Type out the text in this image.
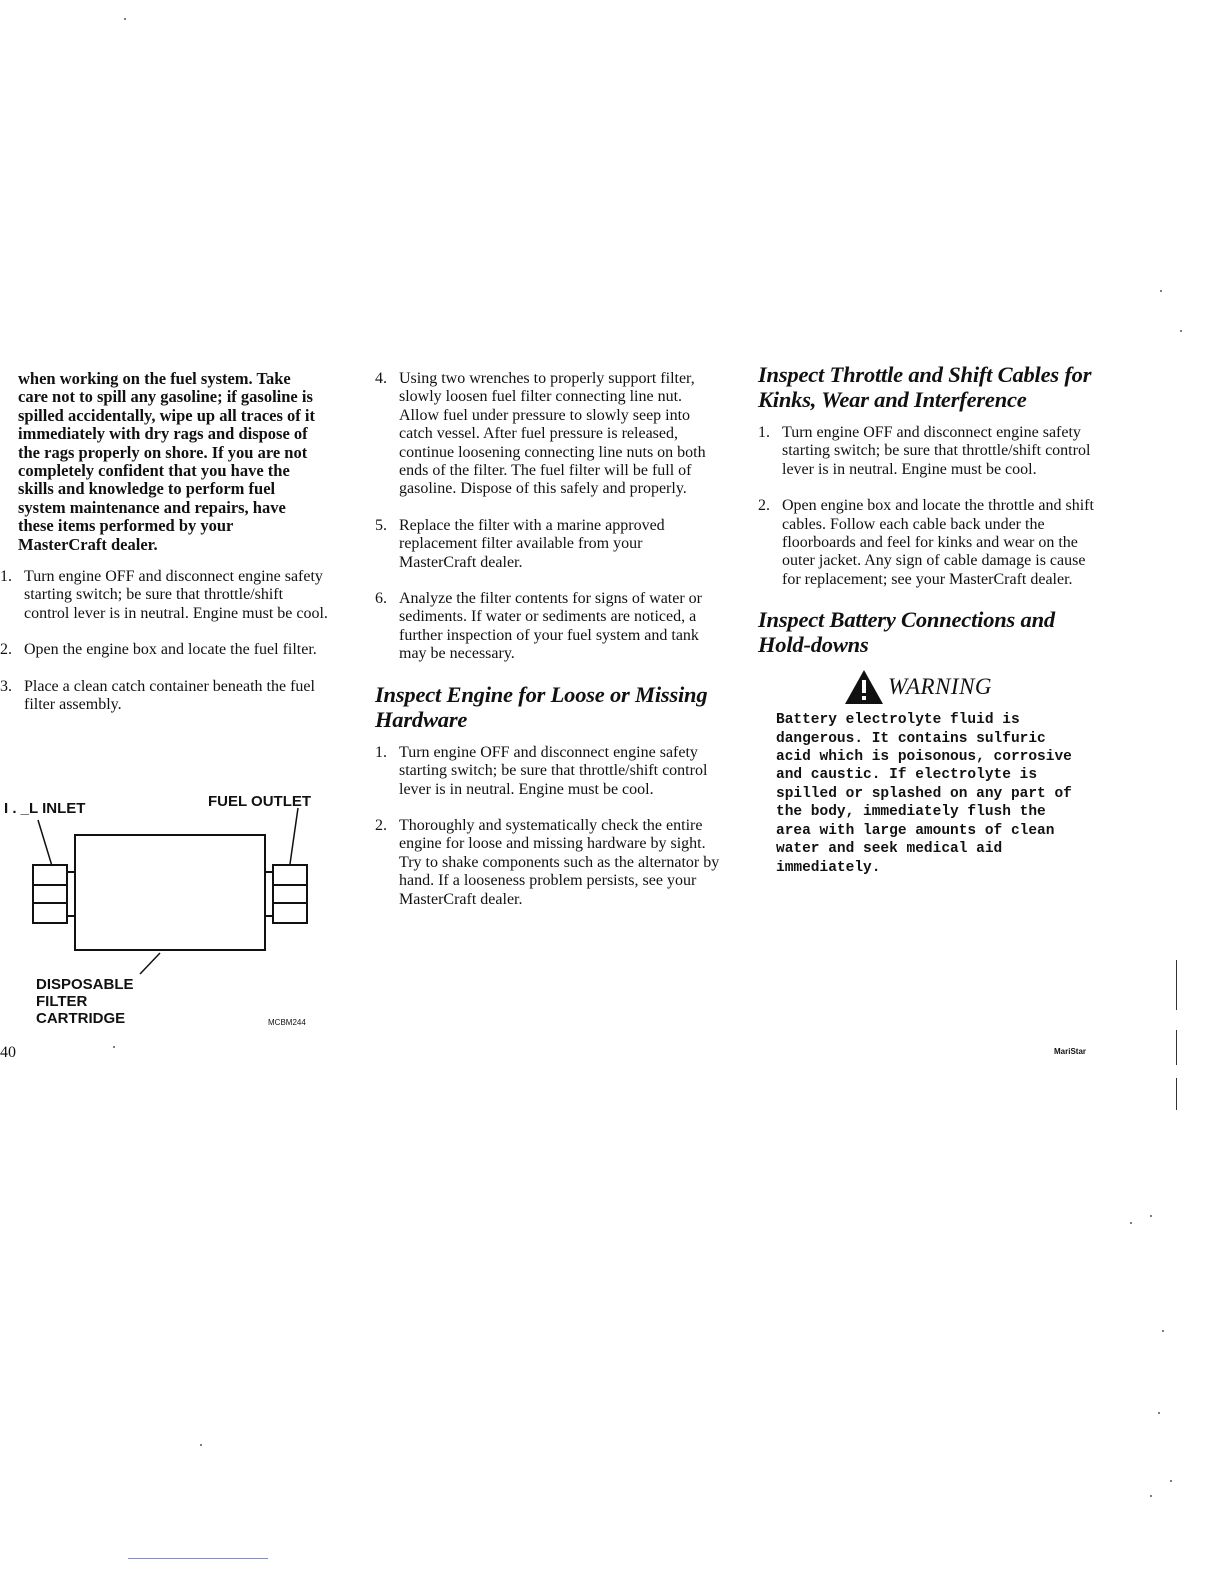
when working on the fuel system. Take care not to spill any gasoline; if gasoline is spilled accidentally, wipe up all traces of it immediately with dry rags and dispose of the rags properly on shore. If you are not completely confident that you have the skills and knowledge to perform fuel system maintenance and repairs, have these items performed by your MasterCraft dealer.

1. Turn engine OFF and disconnect engine safety starting switch; be sure that throttle/shift control lever is in neutral. Engine must be cool.
2. Open the engine box and locate the fuel filter.
3. Place a clean catch container beneath the fuel filter assembly.
I . _L INLET	FUEL OUTLET
DISPOSABLE
FILTER
CARTRIDGE	MCBM244
4. Using two wrenches to properly support filter, slowly loosen fuel filter connecting line nut. Allow fuel under pressure to slowly seep into catch vessel. After fuel pressure is released, continue loosening connecting line nuts on both ends of the filter. The fuel filter will be full of gasoline. Dispose of this safely and properly.
5. Replace the filter with a marine approved replacement filter available from your MasterCraft dealer.
6. Analyze the filter contents for signs of water or sediments. If water or sediments are noticed, a further inspection of your fuel system and tank may be necessary.
Inspect Engine for Loose or Missing Hardware
1. Turn engine OFF and disconnect engine safety starting switch; be sure that throttle/shift control lever is in neutral. Engine must be cool.
2. Thoroughly and systematically check the entire engine for loose and missing hardware by sight. Try to shake components such as the alternator by hand. If a looseness problem persists, see your MasterCraft dealer.
Inspect Throttle and Shift Cables for Kinks, Wear and Interference
1. Turn engine OFF and disconnect engine safety starting switch; be sure that throttle/shift control lever is in neutral. Engine must be cool.
2. Open engine box and locate the throttle and shift cables. Follow each cable back under the floorboards and feel for kinks and wear on the outer jacket. Any sign of cable damage is cause for replacement; see your MasterCraft dealer.
Inspect Battery Connections and Hold-downs
WARNING

Battery electrolyte fluid is dangerous. It contains sulfuric acid which is poisonous, corrosive and caustic. If electrolyte is spilled or splashed on any part of the body, immediately flush the area with large amounts of clean water and seek medical aid immediately.

40	MariStar
